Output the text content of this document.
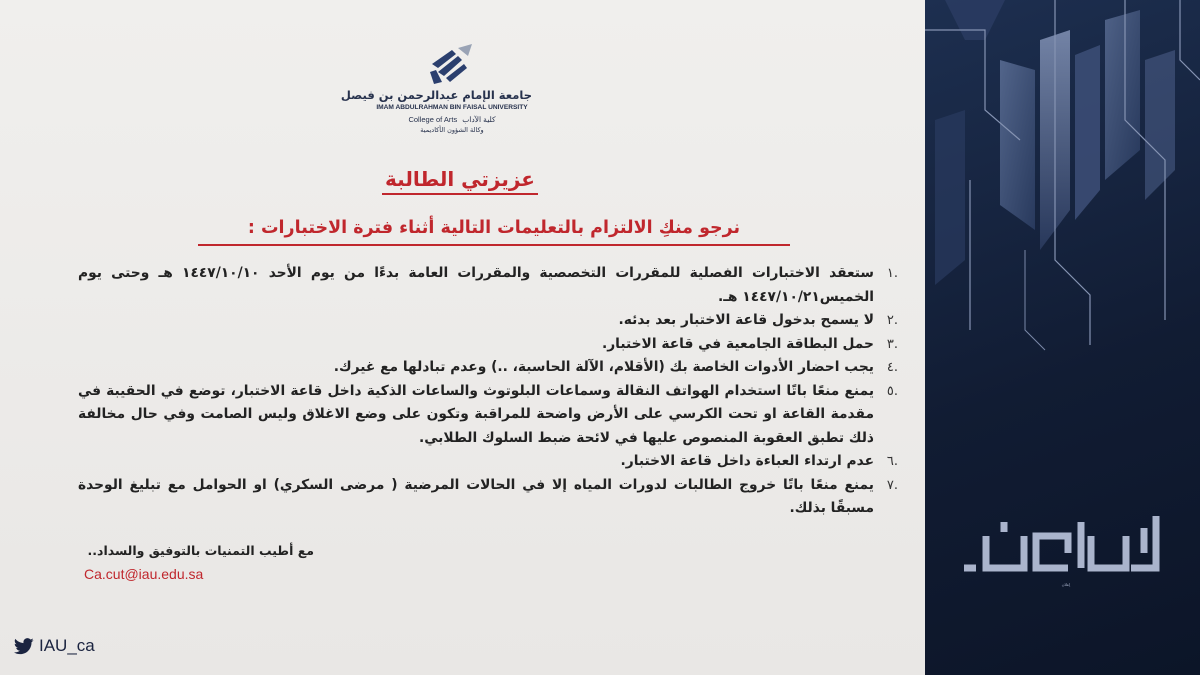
إعلان
جامعة الإمام عبدالرحمن بن فيصل
IMAM ABDULRAHMAN BIN FAISAL UNIVERSITY
College of Arts كلية الآداب
وكالة الشؤون الأكاديمية
عزيزتي الطالبة
نرجو منكِ الالتزام بالتعليمات التالية أثناء فترة الاختبارات :
.١
ستعقد الاختبارات الفصلية للمقررات التخصصية والمقررات العامة بدءًا من يوم الأحد ١٤٤٧/١٠/١٠ هـ وحتى يوم الخميس١٤٤٧/١٠/٢١ هـ.
.٢
لا يسمح بدخول قاعة الاختبار بعد بدئه.
.٣
حمل البطاقة الجامعية في قاعة الاختبار.
.٤
يجب احضار الأدوات الخاصة بك (الأقلام، الآلة الحاسبة، ..) وعدم تبادلها مع غيرك.
.٥
يمنع منعًا باتًا استخدام الهواتف النقالة وسماعات البلوتوث والساعات الذكية داخل قاعة الاختبار، توضع في الحقيبة في مقدمة القاعة او تحت الكرسي على الأرض واضحة للمراقبة وتكون على وضع الاغلاق وليس الصامت وفي حال مخالفة ذلك تطبق العقوبة المنصوص عليها في لائحة ضبط السلوك الطلابي.
.٦
عدم ارتداء العباءة داخل قاعة الاختبار.
.٧
يمنع منعًا باتًا خروج الطالبات لدورات المياه إلا في الحالات المرضية ( مرضى السكري) او الحوامل مع تبليغ الوحدة مسبقًا بذلك.
مع أطيب التمنيات بالتوفيق والسداد..
Ca.cut@iau.edu.sa
IAU_ca
